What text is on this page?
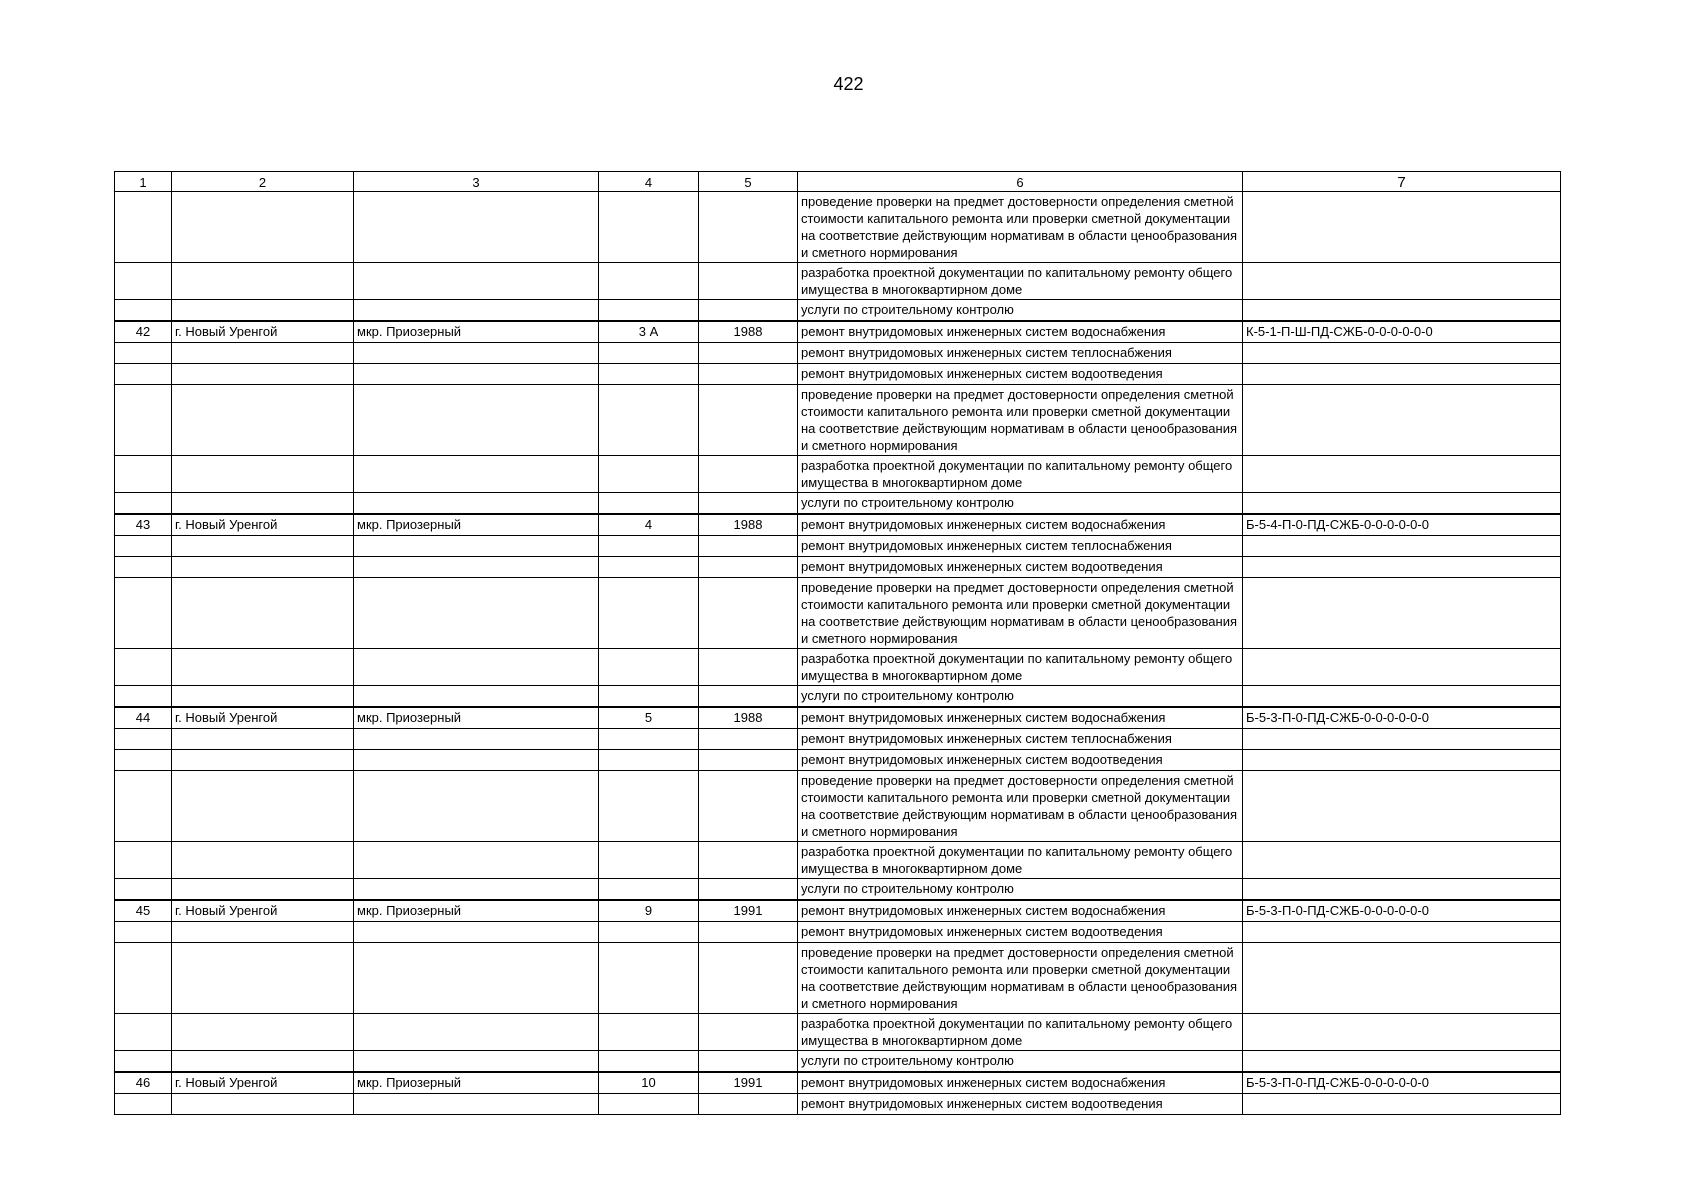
422
1	2	3	4	5	6	7
					проведение проверки на предмет достоверности определения сметной стоимости капитального ремонта или проверки сметной документации на соответствие действующим нормативам в области ценообразования и сметного нормирования	
					разработка проектной документации по капитальному ремонту общего имущества в многоквартирном доме	
					услуги по строительному контролю	
42	г. Новый Уренгой	мкр. Приозерный	3 А	1988	ремонт внутридомовых инженерных систем водоснабжения	К-5-1-П-Ш-ПД-СЖБ-0-0-0-0-0-0
					ремонт внутридомовых инженерных систем теплоснабжения	
					ремонт внутридомовых инженерных систем водоотведения	
					проведение проверки на предмет достоверности определения сметной стоимости капитального ремонта или проверки сметной документации на соответствие действующим нормативам в области ценообразования и сметного нормирования	
					разработка проектной документации по капитальному ремонту общего имущества в многоквартирном доме	
					услуги по строительному контролю	
43	г. Новый Уренгой	мкр. Приозерный	4	1988	ремонт внутридомовых инженерных систем водоснабжения	Б-5-4-П-0-ПД-СЖБ-0-0-0-0-0-0
					ремонт внутридомовых инженерных систем теплоснабжения	
					ремонт внутридомовых инженерных систем водоотведения	
					проведение проверки на предмет достоверности определения сметной стоимости капитального ремонта или проверки сметной документации на соответствие действующим нормативам в области ценообразования и сметного нормирования	
					разработка проектной документации по капитальному ремонту общего имущества в многоквартирном доме	
					услуги по строительному контролю	
44	г. Новый Уренгой	мкр. Приозерный	5	1988	ремонт внутридомовых инженерных систем водоснабжения	Б-5-3-П-0-ПД-СЖБ-0-0-0-0-0-0
					ремонт внутридомовых инженерных систем теплоснабжения	
					ремонт внутридомовых инженерных систем водоотведения	
					проведение проверки на предмет достоверности определения сметной стоимости капитального ремонта или проверки сметной документации на соответствие действующим нормативам в области ценообразования и сметного нормирования	
					разработка проектной документации по капитальному ремонту общего имущества в многоквартирном доме	
					услуги по строительному контролю	
45	г. Новый Уренгой	мкр. Приозерный	9	1991	ремонт внутридомовых инженерных систем водоснабжения	Б-5-3-П-0-ПД-СЖБ-0-0-0-0-0-0
					ремонт внутридомовых инженерных систем водоотведения	
					проведение проверки на предмет достоверности определения сметной стоимости капитального ремонта или проверки сметной документации на соответствие действующим нормативам в области ценообразования и сметного нормирования	
					разработка проектной документации по капитальному ремонту общего имущества в многоквартирном доме	
					услуги по строительному контролю	
46	г. Новый Уренгой	мкр. Приозерный	10	1991	ремонт внутридомовых инженерных систем водоснабжения	Б-5-3-П-0-ПД-СЖБ-0-0-0-0-0-0
					ремонт внутридомовых инженерных систем водоотведения	
